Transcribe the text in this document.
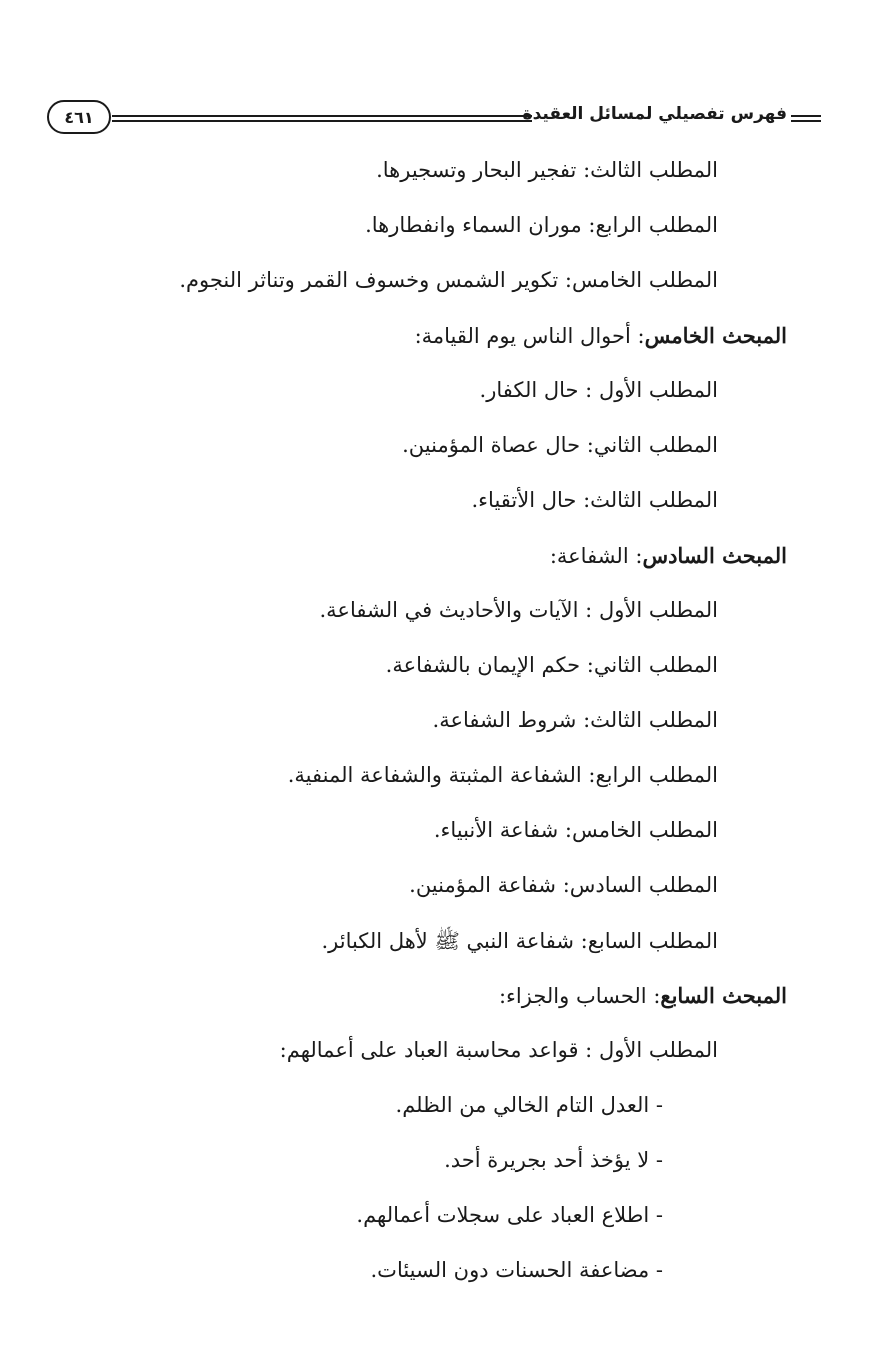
فهرس تفصيلي لمسائل العقيدة
٤٦١
المطلب الثالث: تفجير البحار وتسجيرها.
المطلب الرابع: موران السماء وانفطارها.
المطلب الخامس: تكوير الشمس وخسوف القمر وتناثر النجوم.
المبحث الخامس: أحوال الناس يوم القيامة:
المطلب الأول : حال الكفار.
المطلب الثاني: حال عصاة المؤمنين.
المطلب الثالث: حال الأتقياء.
المبحث السادس: الشفاعة:
المطلب الأول : الآيات والأحاديث في الشفاعة.
المطلب الثاني: حكم الإيمان بالشفاعة.
المطلب الثالث: شروط الشفاعة.
المطلب الرابع: الشفاعة المثبتة والشفاعة المنفية.
المطلب الخامس: شفاعة الأنبياء.
المطلب السادس: شفاعة المؤمنين.
المطلب السابع: شفاعة النبي ﷺ لأهل الكبائر.
المبحث السابع: الحساب والجزاء:
المطلب الأول : قواعد محاسبة العباد على أعمالهم:
- العدل التام الخالي من الظلم.
- لا يؤخذ أحد بجريرة أحد.
- اطلاع العباد على سجلات أعمالهم.
- مضاعفة الحسنات دون السيئات.
